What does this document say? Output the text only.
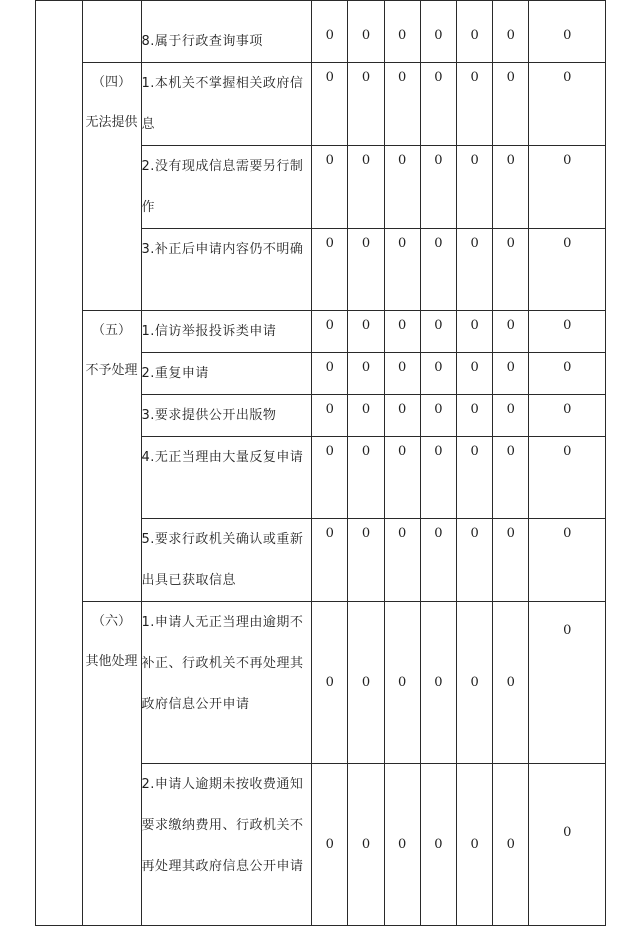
		8.属于行政查询事项	0	0	0	0	0	0	0

	（四）
无法提供	1.本机关不掌握相关政府信息	0	0	0	0	0	0	0
		2.没有现成信息需要另行制作	0	0	0	0	0	0	0
		3.补正后申请内容仍不明确	0	0	0	0	0	0	0

	（五）
不予处理	1.信访举报投诉类申请	0	0	0	0	0	0	0
		2.重复申请	0	0	0	0	0	0	0
		3.要求提供公开出版物	0	0	0	0	0	0	0
		4.无正当理由大量反复申请	0	0	0	0	0	0	0
		5.要求行政机关确认或重新出具已获取信息	0	0	0	0	0	0	0

	（六）
其他处理	1.申请人无正当理由逾期不补正、行政机关不再处理其政府信息公开申请	0	0	0	0	0	0	0
		2.申请人逾期未按收费通知要求缴纳费用、行政机关不再处理其政府信息公开申请	0	0	0	0	0	0	0
